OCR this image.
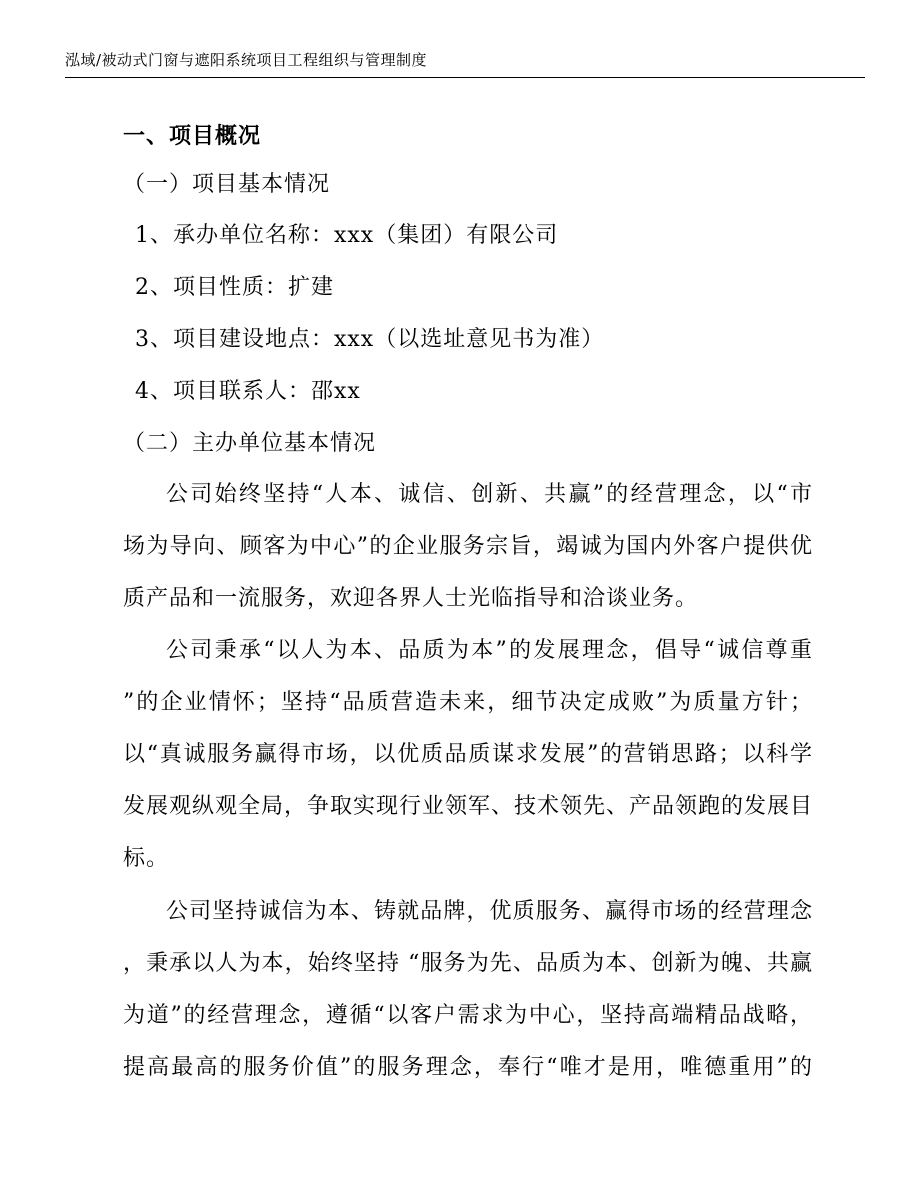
泓域/被动式门窗与遮阳系统项目工程组织与管理制度
一、项目概况
（一）项目基本情况
1、承办单位名称：xxx（集团）有限公司
2、项目性质：扩建
3、项目建设地点：xxx（以选址意见书为准）
4、项目联系人：邵xx
（二）主办单位基本情况
公司始终坚持“人本、诚信、创新、共赢”的经营理念，以“市
场为导向、顾客为中心”的企业服务宗旨，竭诚为国内外客户提供优
质产品和一流服务，欢迎各界人士光临指导和洽谈业务。
公司秉承“以人为本、品质为本”的发展理念，倡导“诚信尊重
”的企业情怀；坚持“品质营造未来，细节决定成败”为质量方针；
以“真诚服务赢得市场，以优质品质谋求发展”的营销思路；以科学
发展观纵观全局，争取实现行业领军、技术领先、产品领跑的发展目
标。
公司坚持诚信为本、铸就品牌，优质服务、赢得市场的经营理念
，秉承以人为本，始终坚持 “服务为先、品质为本、创新为魄、共赢
为道”的经营理念，遵循“以客户需求为中心，坚持高端精品战略，
提高最高的服务价值”的服务理念，奉行“唯才是用，唯德重用”的
